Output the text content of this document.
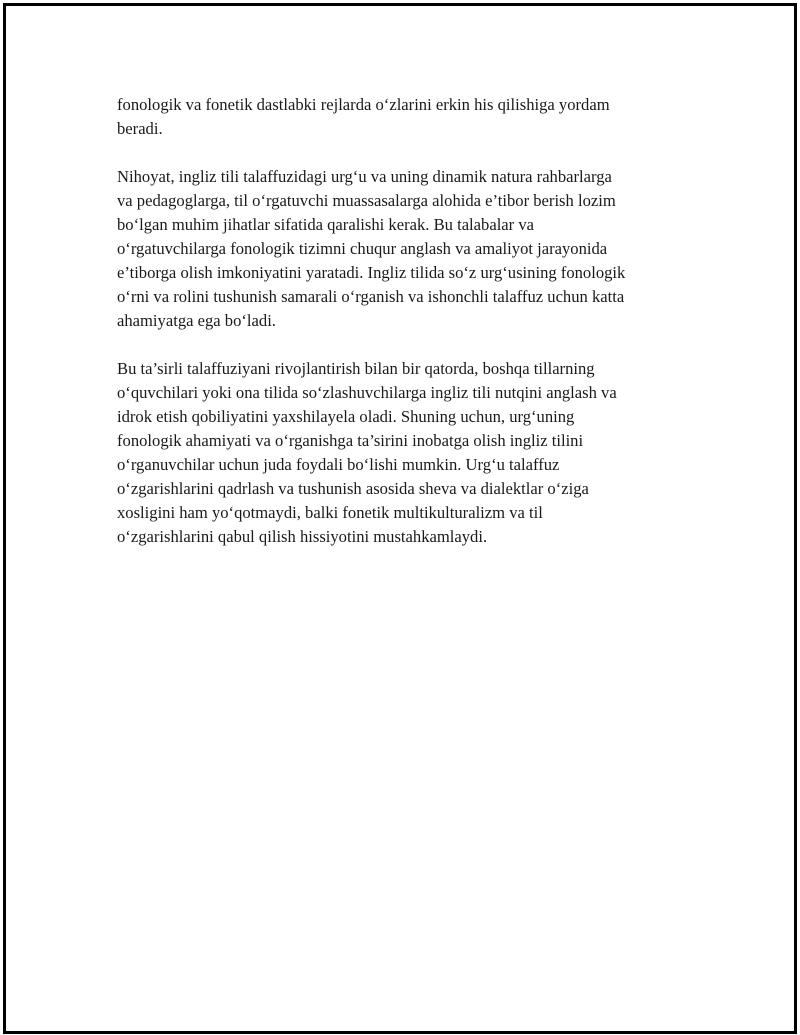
fonologik va fonetik dastlabki rejlarda o‘zlarini erkin his qilishiga yordam
beradi.

Nihoyat, ingliz tili talaffuzidagi urg‘u va uning dinamik natura rahbarlarga
va pedagoglarga, til o‘rgatuvchi muassasalarga alohida e’tibor berish lozim
bo‘lgan muhim jihatlar sifatida qaralishi kerak. Bu talabalar va
o‘rgatuvchilarga fonologik tizimni chuqur anglash va amaliyot jarayonida
e’tiborga olish imkoniyatini yaratadi. Ingliz tilida so‘z urg‘usining fonologik
o‘rni va rolini tushunish samarali o‘rganish va ishonchli talaffuz uchun katta
ahamiyatga ega bo‘ladi.

Bu ta’sirli talaffuziyani rivojlantirish bilan bir qatorda, boshqa tillarning
o‘quvchilari yoki ona tilida so‘zlashuvchilarga ingliz tili nutqini anglash va
idrok etish qobiliyatini yaxshilayela oladi. Shuning uchun, urg‘uning
fonologik ahamiyati va o‘rganishga ta’sirini inobatga olish ingliz tilini
o‘rganuvchilar uchun juda foydali bo‘lishi mumkin. Urg‘u talaffuz
o‘zgarishlarini qadrlash va tushunish asosida sheva va dialektlar o‘ziga
xosligini ham yo‘qotmaydi, balki fonetik multikulturalizm va til
o‘zgarishlarini qabul qilish hissiyotini mustahkamlaydi.
